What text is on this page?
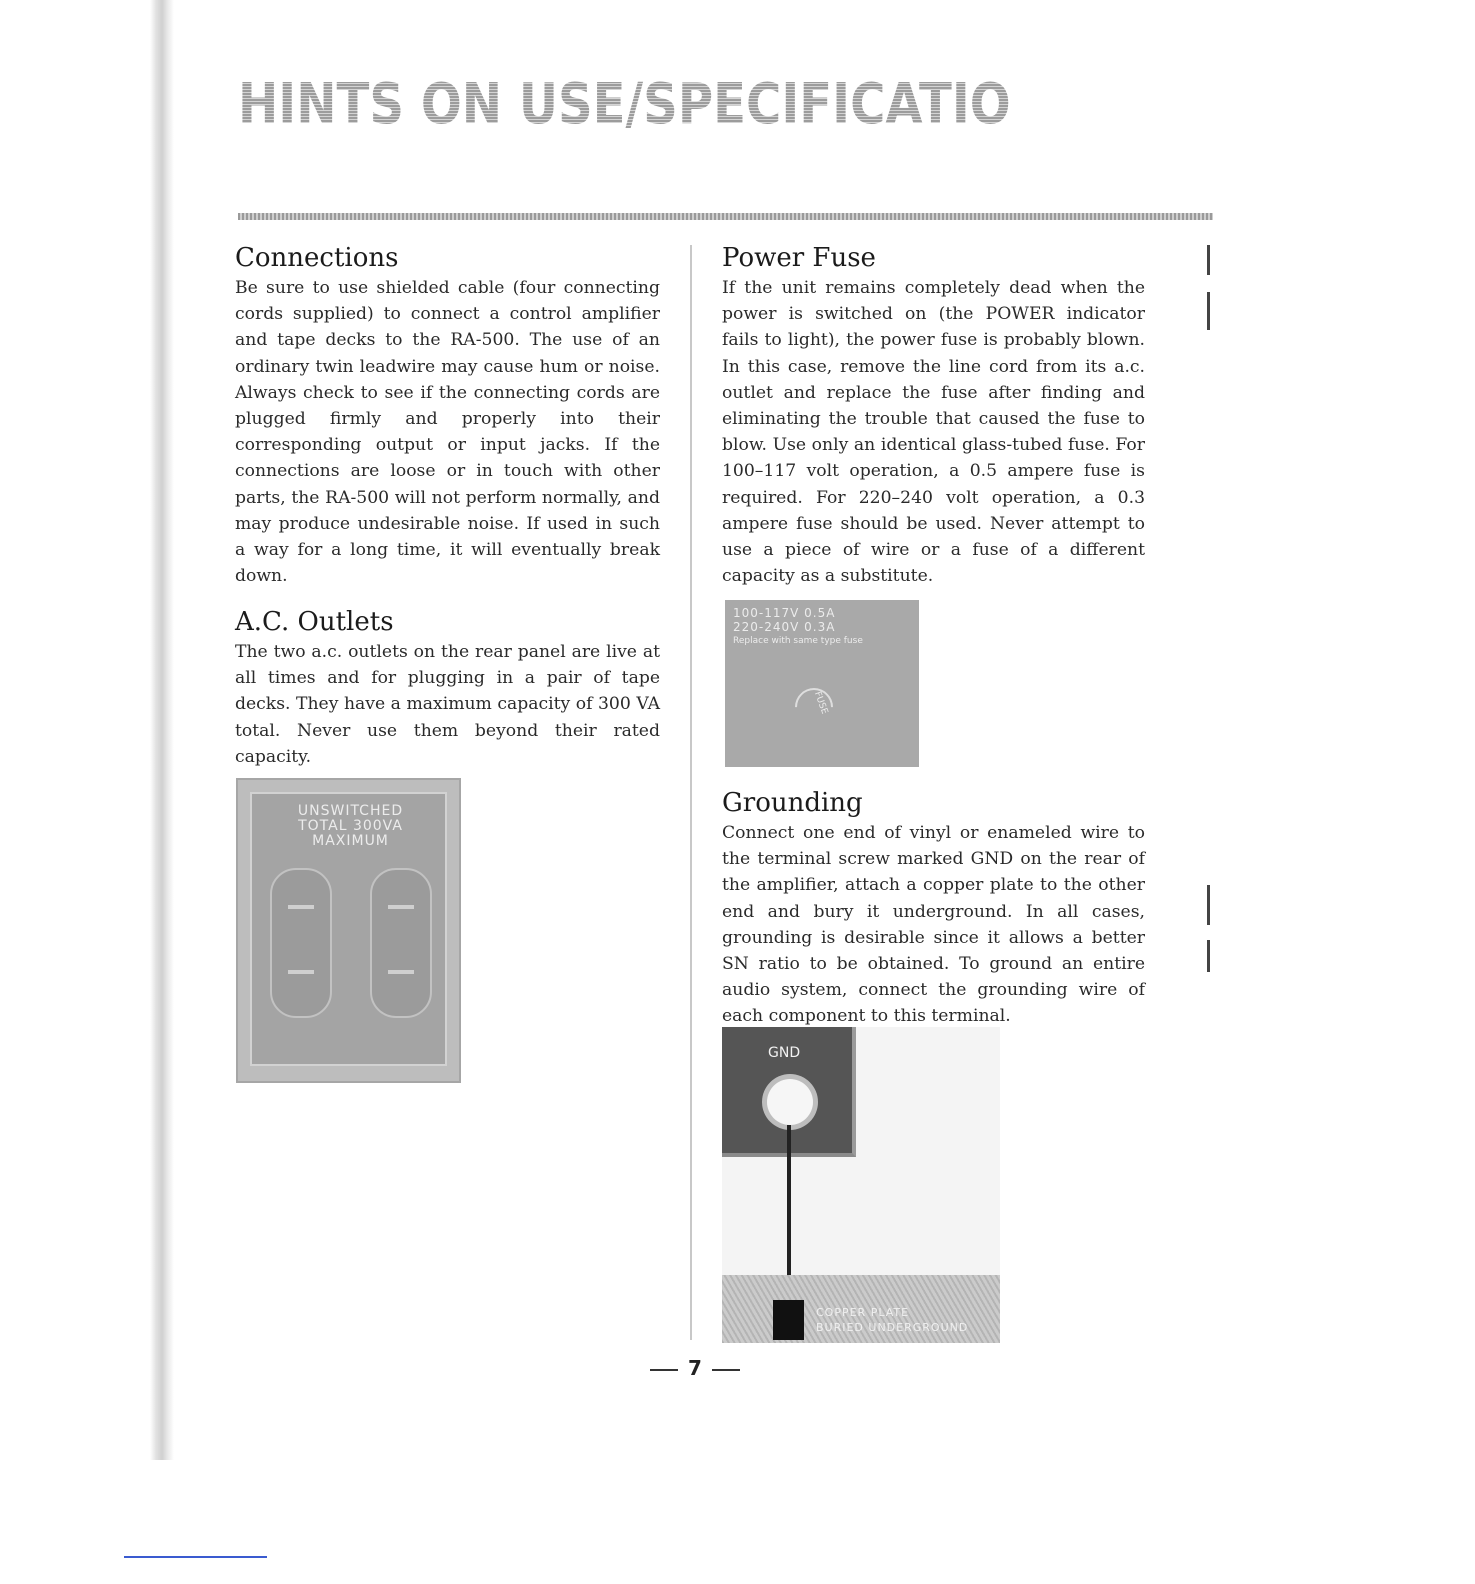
HINTS ON USE/SPECIFICATIONS/ACCESSORIES
Connections

Be sure to use shielded cable (four connecting cords supplied) to connect a control amplifier and tape decks to the RA-500. The use of an ordinary twin leadwire may cause hum or noise. Always check to see if the connecting cords are plugged firmly and properly into their corresponding output or input jacks. If the connections are loose or in touch with other parts, the RA-500 will not perform normally, and may produce undesirable noise. If used in such a way for a long time, it will eventually break down.

A.C. Outlets

The two a.c. outlets on the rear panel are live at all times and for plugging in a pair of tape decks. They have a maximum capacity of 300 VA total. Never use them beyond their rated capacity.

UNSWITCHED
TOTAL 300VA
MAXIMUM
Power Fuse

If the unit remains completely dead when the power is switched on (the POWER indicator fails to light), the power fuse is probably blown. In this case, remove the line cord from its a.c. outlet and replace the fuse after finding and eliminating the trouble that caused the fuse to blow. Use only an identical glass-tubed fuse. For 100–117 volt operation, a 0.5 ampere fuse is required. For 220–240 volt operation, a 0.3 ampere fuse should be used. Never attempt to use a piece of wire or a fuse of a different capacity as a substitute.

100-117V 0.5A
220-240V 0.3A
Replace with same type fuse
FUSE
Grounding

Connect one end of vinyl or enameled wire to the terminal screw marked GND on the rear of the amplifier, attach a copper plate to the other end and bury it underground. In all cases, grounding is desirable since it allows a better SN ratio to be obtained. To ground an entire audio system, connect the grounding wire of each component to this terminal.

GND
COPPER PLATE
BURIED UNDERGROUND
7
